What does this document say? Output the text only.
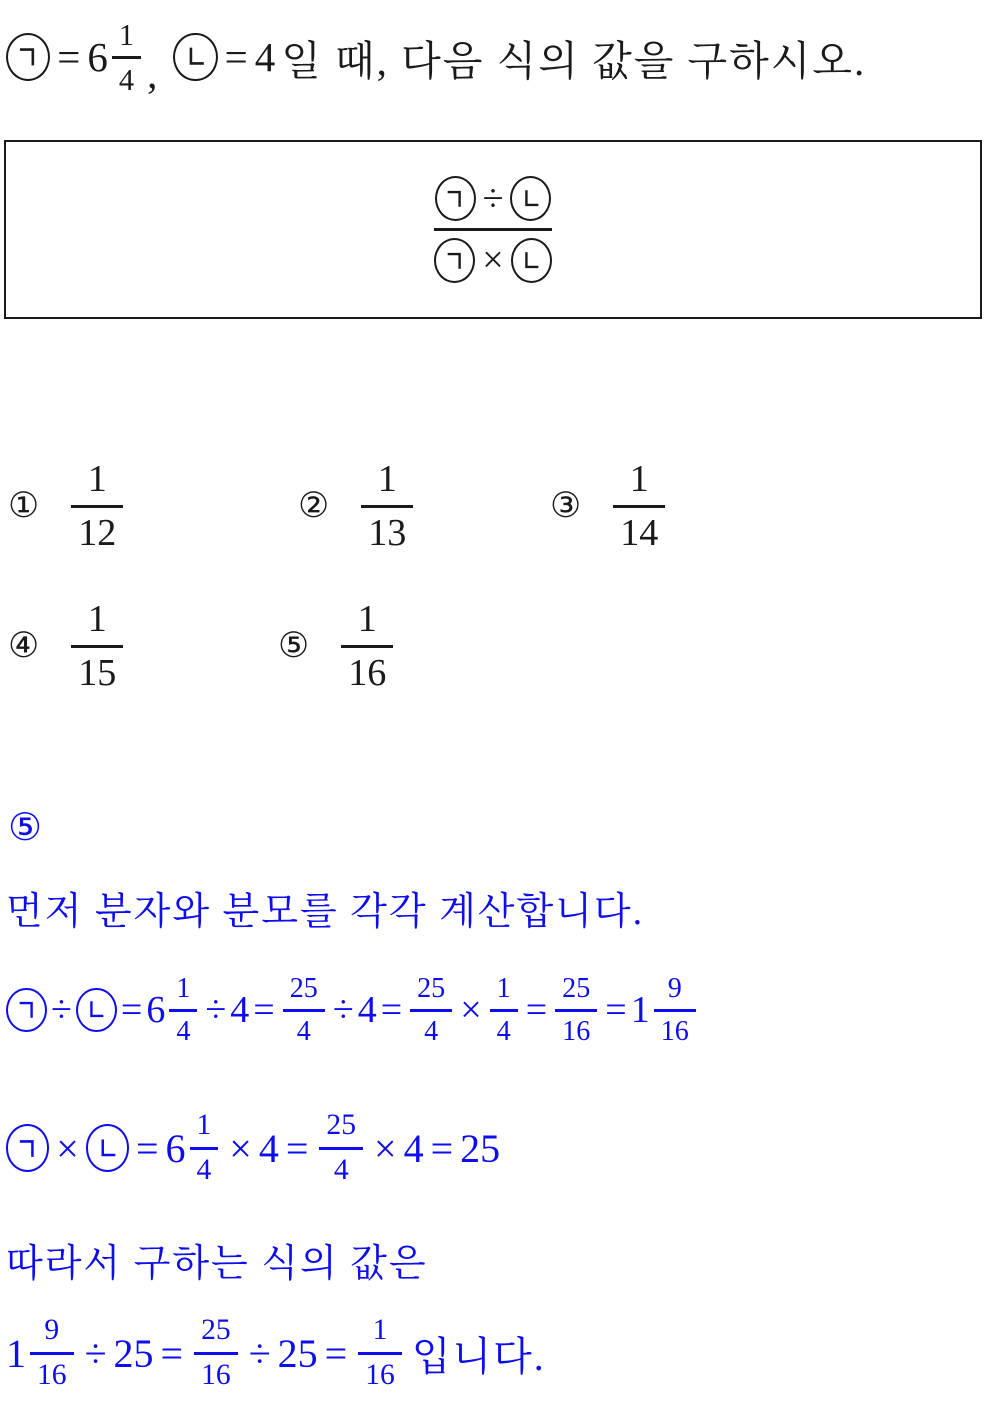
= $6 \frac{1}{4}$ , = 4 일 때, 다음 식의 값을 구하시오.
÷
×
① $\frac{1}{12}$	② $\frac{1}{13}$	③ $\frac{1}{14}$
④ $\frac{1}{15}$	⑤ $\frac{1}{16}$
⑤
먼저 분자와 분모를 각각 계산합니다.
÷ = $6 \frac{1}{4} \div 4 = \frac{25}{4} \div 4 = \frac{25}{4} \times \frac{1}{4} = \frac{25}{16} = 1 \frac{9}{16}$
× = $6 \frac{1}{4} \times 4 = \frac{25}{4} \times 4 = 25$
따라서 구하는 식의 값은
$1 \frac{9}{16} \div 25 = \frac{25}{16} \div 25 = \frac{1}{16}$ 입니다.
